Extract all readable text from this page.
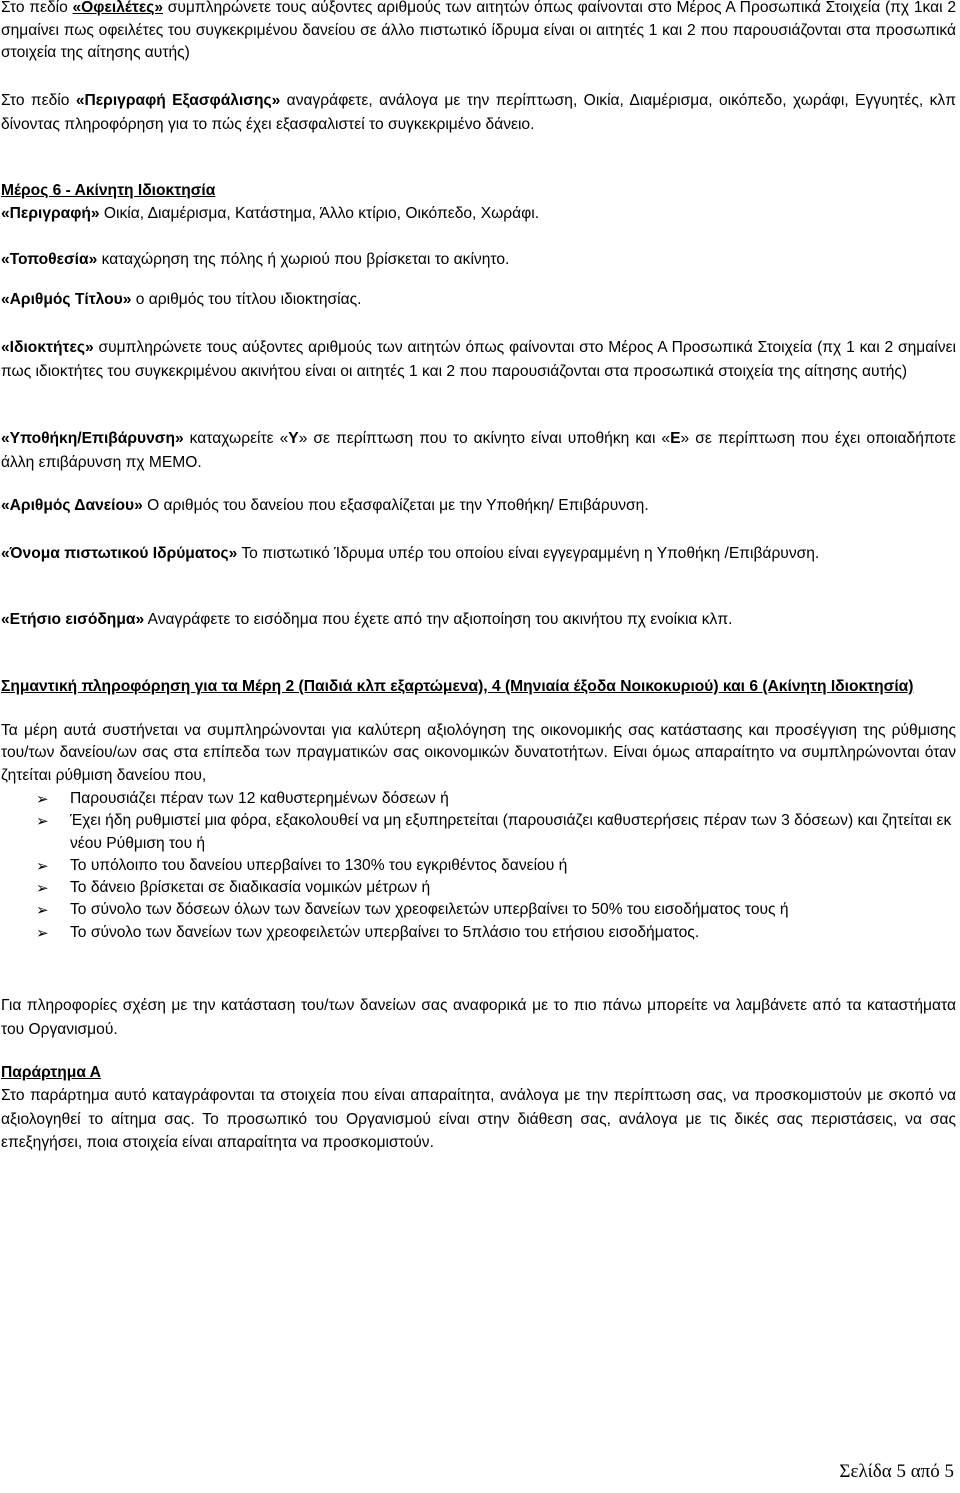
Στο πεδίο «Οφειλέτες» συμπληρώνετε τους αύξοντες αριθμούς των αιτητών όπως φαίνονται στο Μέρος Α Προσωπικά Στοιχεία (πχ 1και 2 σημαίνει πως οφειλέτες του συγκεκριμένου δανείου σε άλλο πιστωτικό ίδρυμα είναι οι αιτητές 1 και 2 που παρουσιάζονται στα προσωπικά στοιχεία της αίτησης αυτής)

Στο πεδίο «Περιγραφή Εξασφάλισης» αναγράφετε, ανάλογα με την περίπτωση, Οικία, Διαμέρισμα, οικόπεδο, χωράφι, Εγγυητές, κλπ δίνοντας πληροφόρηση για το πώς έχει εξασφαλιστεί το συγκεκριμένο δάνειο.

Μέρος 6 - Ακίνητη Ιδιοκτησία

«Περιγραφή» Οικία, Διαμέρισμα, Κατάστημα, Άλλο κτίριο, Οικόπεδο, Χωράφι.

«Τοποθεσία» καταχώρηση της πόλης ή χωριού που βρίσκεται το ακίνητο.

«Αριθμός Τίτλου» ο αριθμός του τίτλου ιδιοκτησίας.

«Ιδιοκτήτες» συμπληρώνετε τους αύξοντες αριθμούς των αιτητών όπως φαίνονται στο Μέρος Α Προσωπικά Στοιχεία (πχ 1 και 2 σημαίνει πως ιδιοκτήτες του συγκεκριμένου ακινήτου είναι οι αιτητές 1 και 2 που παρουσιάζονται στα προσωπικά στοιχεία της αίτησης αυτής)

«Υποθήκη/Επιβάρυνση» καταχωρείτε «Υ» σε περίπτωση που το ακίνητο είναι υποθήκη και «Ε» σε περίπτωση που έχει οποιαδήποτε άλλη επιβάρυνση πχ ΜΕΜΟ.

«Αριθμός Δανείου» Ο αριθμός του δανείου που εξασφαλίζεται με την Υποθήκη/ Επιβάρυνση.

«Όνομα πιστωτικού Ιδρύματος» Το πιστωτικό Ίδρυμα υπέρ του οποίου είναι εγγεγραμμένη η Υποθήκη /Επιβάρυνση.

«Ετήσιο εισόδημα» Αναγράφετε το εισόδημα που έχετε από την αξιοποίηση του ακινήτου πχ ενοίκια κλπ.

Σημαντική πληροφόρηση για τα Μέρη 2 (Παιδιά κλπ εξαρτώμενα), 4 (Μηνιαία έξοδα Νοικοκυριού) και 6 (Ακίνητη Ιδιοκτησία)

Τα μέρη αυτά συστήνεται να συμπληρώνονται για καλύτερη αξιολόγηση της οικονομικής σας κατάστασης και προσέγγιση της ρύθμισης του/των δανείου/ων σας στα επίπεδα των πραγματικών σας οικονομικών δυνατοτήτων. Είναι όμως απαραίτητο να συμπληρώνονται όταν ζητείται ρύθμιση δανείου που,

➢ Παρουσιάζει πέραν των 12 καθυστερημένων δόσεων ή
➢ Έχει ήδη ρυθμιστεί μια φόρα, εξακολουθεί να μη εξυπηρετείται (παρουσιάζει καθυστερήσεις πέραν των 3 δόσεων) και ζητείται εκ νέου Ρύθμιση του ή
➢ Το υπόλοιπο του δανείου υπερβαίνει το 130% του εγκριθέντος δανείου ή
➢ Το δάνειο βρίσκεται σε διαδικασία νομικών μέτρων ή
➢ Το σύνολο των δόσεων όλων των δανείων των χρεοφειλετών υπερβαίνει το 50% του εισοδήματος τους ή
➢ Το σύνολο των δανείων των χρεοφειλετών υπερβαίνει το 5πλάσιο του ετήσιου εισοδήματος.

Για πληροφορίες σχέση με την κατάσταση του/των δανείων σας αναφορικά με το πιο πάνω μπορείτε να λαμβάνετε από τα καταστήματα του Οργανισμού.

Παράρτημα Α

Στο παράρτημα αυτό καταγράφονται τα στοιχεία που είναι απαραίτητα, ανάλογα με την περίπτωση σας, να προσκομιστούν με σκοπό να αξιολογηθεί το αίτημα σας. Το προσωπικό του Οργανισμού είναι στην διάθεση σας, ανάλογα με τις δικές σας περιστάσεις, να σας επεξηγήσει, ποια στοιχεία είναι απαραίτητα να προσκομιστούν.

Σελίδα 5 από 5
